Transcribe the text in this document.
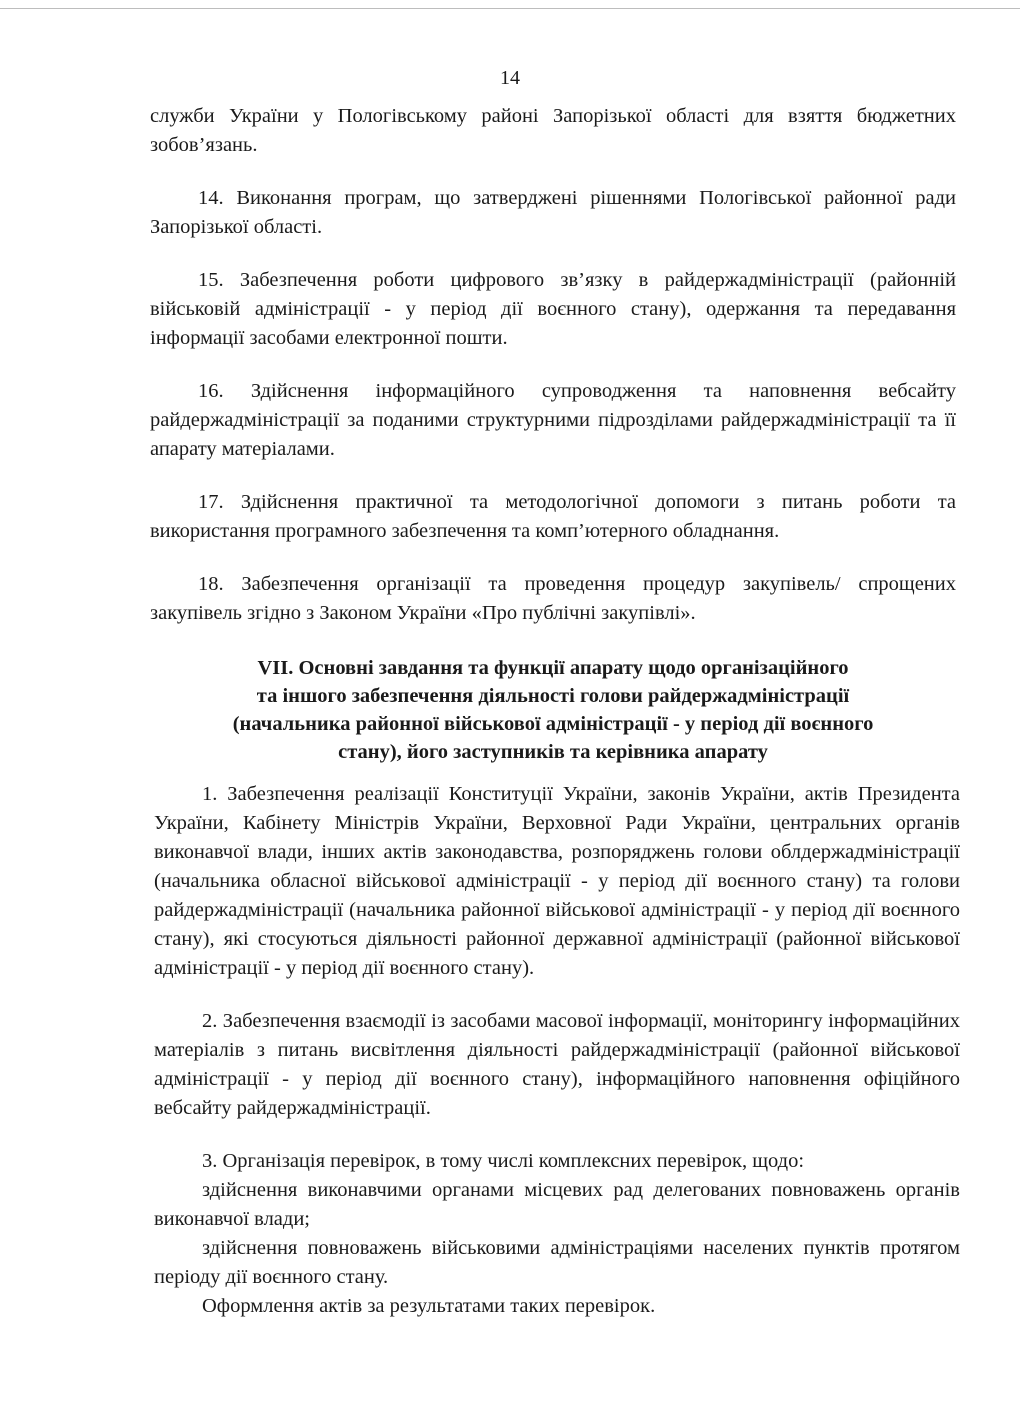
14

служби України у Пологівському районі Запорізької області для взяття бюджетних зобов’язань.

14. Виконання програм, що затверджені рішеннями Пологівської районної ради Запорізької області.

15. Забезпечення роботи цифрового зв’язку в райдержадміністрації (районній військовій адміністрації - у період дії воєнного стану), одержання та передавання інформації засобами електронної пошти.

16. Здійснення інформаційного супроводження та наповнення вебсайту райдержадміністрації за поданими структурними підрозділами райдержадміністрації та її апарату матеріалами.

17. Здійснення практичної та методологічної допомоги з питань роботи та використання програмного забезпечення та комп’ютерного обладнання.

18. Забезпечення організації та проведення процедур закупівель/ спрощених закупівель згідно з Законом України «Про публічні закупівлі».

VII. Основні завдання та функції апарату щодо організаційного
та іншого забезпечення діяльності голови райдержадміністрації
(начальника районної військової адміністрації - у період дії воєнного
стану), його заступників та керівника апарату

1. Забезпечення реалізації Конституції України, законів України, актів Президента України, Кабінету Міністрів України, Верховної Ради України, центральних органів виконавчої влади, інших актів законодавства, розпоряджень голови облдержадміністрації (начальника обласної військової адміністрації - у період дії воєнного стану) та голови райдержадміністрації (начальника районної військової адміністрації - у період дії воєнного стану), які стосуються діяльності районної державної адміністрації (районної військової адміністрації - у період дії воєнного стану).

2. Забезпечення взаємодії із засобами масової інформації, моніторингу інформаційних матеріалів з питань висвітлення діяльності райдержадміністрації (районної військової адміністрації - у період дії воєнного стану), інформаційного наповнення офіційного вебсайту райдержадміністрації.

3. Організація перевірок, в тому числі комплексних перевірок, щодо:

здійснення виконавчими органами місцевих рад делегованих повноважень органів виконавчої влади;

здійснення повноважень військовими адміністраціями населених пунктів протягом періоду дії воєнного стану.

Оформлення актів за результатами таких перевірок.
